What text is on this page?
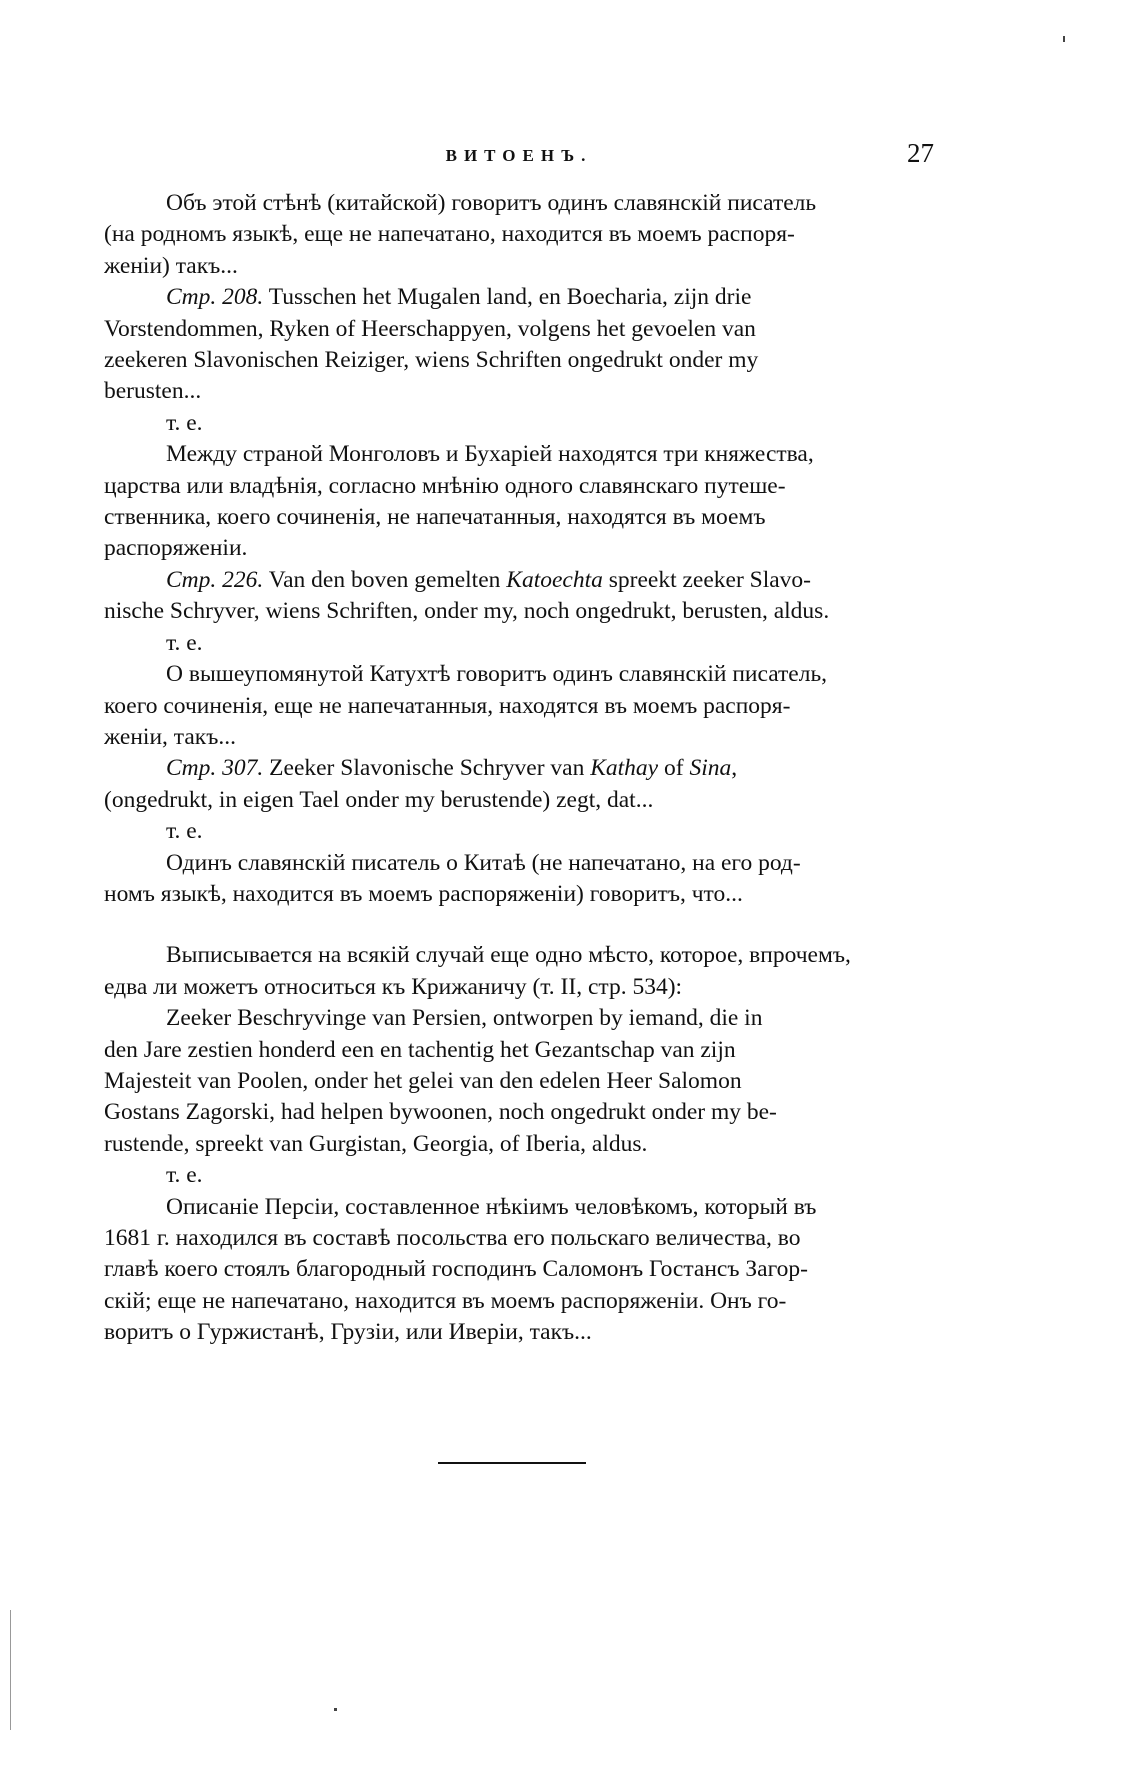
ВИТОЕНЪ.	27
Объ этой стѣнѣ (китайской) говоритъ одинъ славянскій писатель
(на родномъ языкѣ, еще не напечатано, находится въ моемъ распоря-
женіи) такъ...
Cmp. 208. Tusschen het Mugalen land, en Boecharia, zijn drie
Vorstendommen, Ryken of Heerschappyen, volgens het gevoelen van
zeekeren Slavonischen Reiziger, wiens Schriften ongedrukt onder my
berusten...
т. е.
Между страной Монголовъ и Бухаріей находятся три княжества,
царства или владѣнія, согласно мнѣнію одного славянскаго путеше-
ственника, коего сочиненія, не напечатанныя, находятся въ моемъ
распоряженіи.
Cmp. 226. Van den boven gemelten Katoechta spreekt zeeker Slavo-
nische Schryver, wiens Schriften, onder my, noch ongedrukt, berusten, aldus.
т. е.
О вышеупомянутой Катухтѣ говоритъ одинъ славянскій писатель,
коего сочиненія, еще не напечатанныя, находятся въ моемъ распоря-
женіи, такъ...
Cmp. 307. Zeeker Slavonische Schryver van Kathay of Sina,
(ongedrukt, in eigen Tael onder my berustende) zegt, dat...
т. е.
Одинъ славянскій писатель о Китаѣ (не напечатано, на его род-
номъ языкѣ, находится въ моемъ распоряженіи) говоритъ, что...
Выписывается на всякій случай еще одно мѣсто, которое, впрочемъ,
едва ли можетъ относиться къ Крижаничу (т. II, стр. 534):
Zeeker Beschryvinge van Persien, ontworpen by iemand, die in
den Jare zestien honderd een en tachentig het Gezantschap van zijn
Majesteit van Poolen, onder het gelei van den edelen Heer Salomon
Gostans Zagorski, had helpen bywoonen, noch ongedrukt onder my be-
rustende, spreekt van Gurgistan, Georgia, of Iberia, aldus.
т. е.
Описаніе Персіи, составленное нѣкіимъ человѣкомъ, который въ
1681 г. находился въ составѣ посольства его польскаго величества, во
главѣ коего стоялъ благородный господинъ Саломонъ Гостансъ Загор-
скій; еще не напечатано, находится въ моемъ распоряженіи. Онъ го-
воритъ о Гуржистанѣ, Грузіи, или Иверіи, такъ...
